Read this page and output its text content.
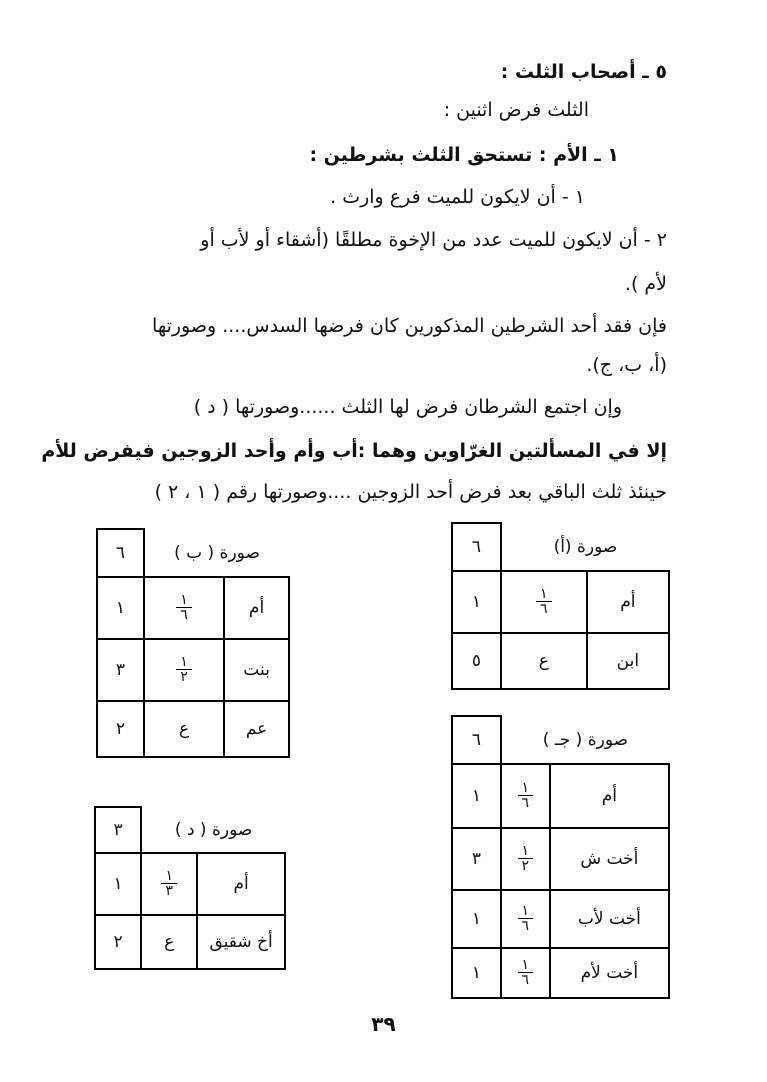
٥ ـ أصحاب الثلث :
الثلث فرض اثنين :
١ ـ الأم : تستحق الثلث بشرطين :
١ - أن لايكون للميت فرع وارث .
٢ - أن لايكون للميت عدد من الإخوة مطلقًا (أشقاء أو لأب أو
لأم ).
فإن فقد أحد الشرطين المذكورين كان فرضها السدس.... وصورتها
(أ، ب، ج).
وإن اجتمع الشرطان فرض لها الثلث ......وصورتها ( د )
إلا في المسألتين الغرّاوين وهما :أب وأم وأحد الزوجين فيفرض للأم
حينئذ ثلث الباقي بعد فرض أحد الزوجين ....وصورتها رقم ( ١ ، ٢ )
صورة (أ)		٦
أم	$\frac{١}{٦}$	١
ابن	ع	٥
صورة ( ب )		٦
أم	$\frac{١}{٦}$	١
بنت	$\frac{١}{٢}$	٣
عم	ع	٢
صورة ( جـ )		٦
أم	$\frac{١}{٦}$	١
أخت ش	$\frac{١}{٢}$	٣
أخت لأب	$\frac{١}{٦}$	١
أخت لأم	$\frac{١}{٦}$	١
صورة ( د )		٣
أم	$\frac{١}{٣}$	١
أخ شقيق	ع	٢
٣٩
